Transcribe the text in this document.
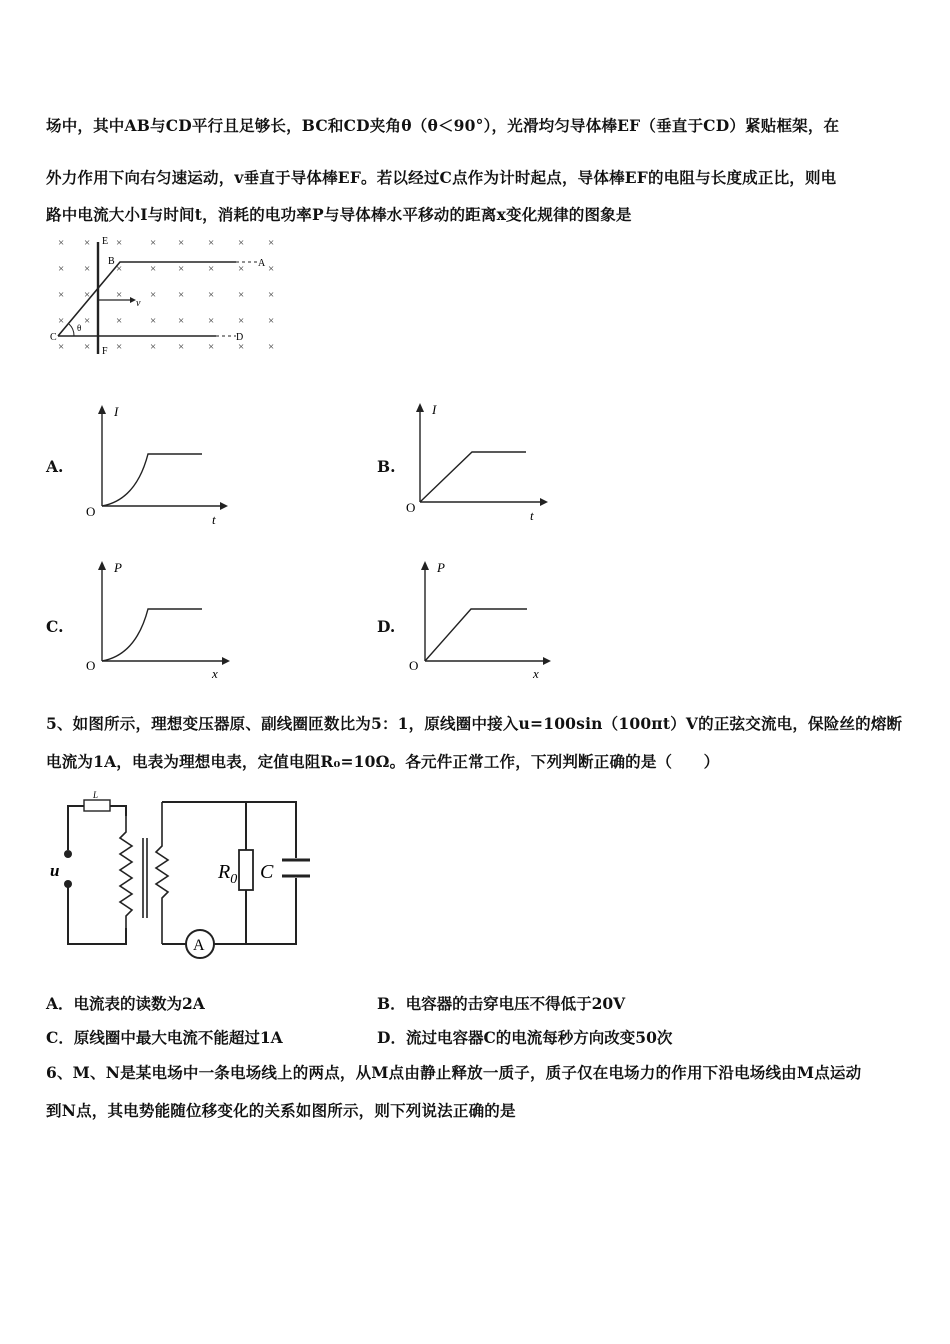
场中，其中AB与CD平行且足够长，BC和CD夹角θ（θ＜90°），光滑均匀导体棒EF（垂直于CD）紧贴框架，在
外力作用下向右匀速运动，v垂直于导体棒EF。若以经过C点作为计时起点，导体棒EF的电阻与长度成正比，则电
路中电流大小I与时间t，消耗的电功率P与导体棒水平移动的距离x变化规律的图象是
× × ×	× × × × ×
× × ×	× × × × ×
× × ×	× × × × ×
× × ×	× × × × ×
× × ×	× × × × ×
E
B	A
C	D
F
v
θ
A.
I
t
O
B.
I
t
O
C.
P
x
O
D.
P
x
O
5、如图所示，理想变压器原、副线圈匝数比为5：1，原线圈中接入u=100sin（100πt）V的正弦交流电，保险丝的熔断
电流为1A，电表为理想电表，定值电阻R₀=10Ω。各元件正常工作，下列判断正确的是（　　）
L
u	$R_0$ C
A
A．电流表的读数为2A	B．电容器的击穿电压不得低于20V
C．原线圈中最大电流不能超过1A	D．流过电容器C的电流每秒方向改变50次
6、M、N是某电场中一条电场线上的两点，从M点由静止释放一质子，质子仅在电场力的作用下沿电场线由M点运动
到N点，其电势能随位移变化的关系如图所示，则下列说法正确的是
